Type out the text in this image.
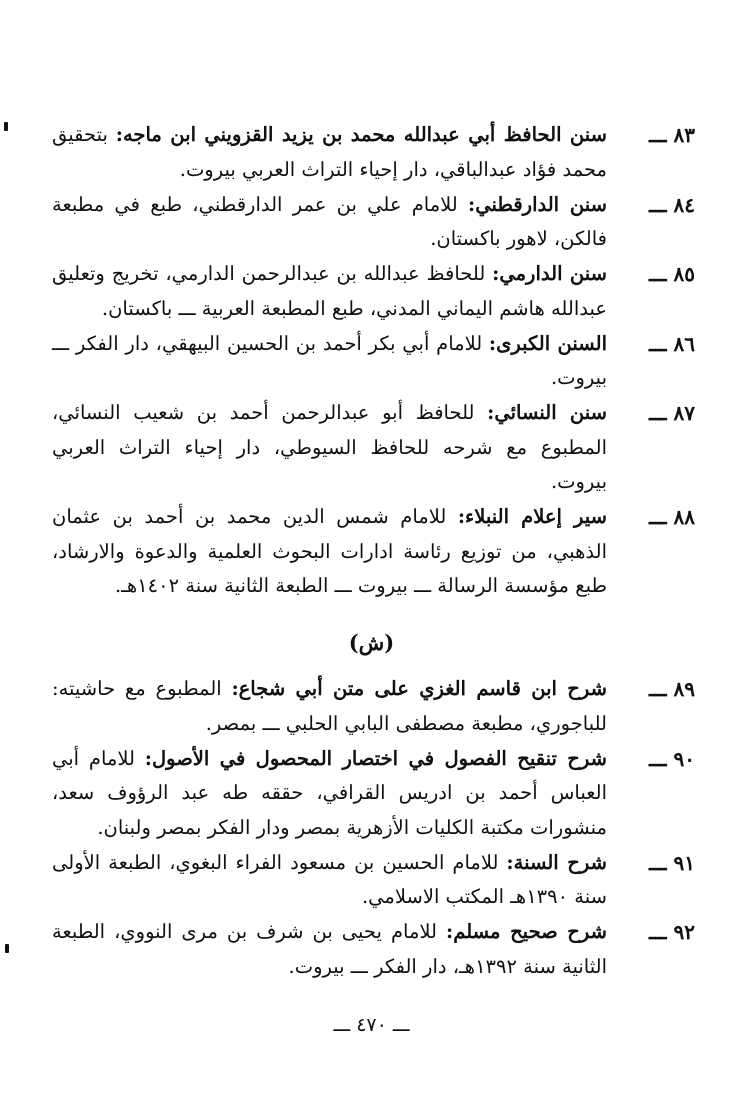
٨٣ ـــ
سنن الحافظ أبي عبدالله محمد بن يزيد القزويني ابن ماجه: بتحقيق محمد فؤاد عبدالباقي، دار إحياء التراث العربي بيروت.
٨٤ ـــ
سنن الدارقطني: للامام علي بن عمر الدارقطني، طبع في مطبعة فالكن، لاهور باكستان.
٨٥ ـــ
سنن الدارمي: للحافظ عبدالله بن عبدالرحمن الدارمي، تخريج وتعليق عبدالله هاشم اليماني المدني، طبع المطبعة العربية ـــ باكستان.
٨٦ ـــ
السنن الكبرى: للامام أبي بكر أحمد بن الحسين البيهقي، دار الفكر ـــ بيروت.
٨٧ ـــ
سنن النسائي: للحافظ أبو عبدالرحمن أحمد بن شعيب النسائي، المطبوع مع شرحه للحافظ السيوطي، دار إحياء التراث العربي بيروت.
٨٨ ـــ
سير إعلام النبلاء: للامام شمس الدين محمد بن أحمد بن عثمان الذهبي، من توزيع رئاسة ادارات البحوث العلمية والدعوة والارشاد، طبع مؤسسة الرسالة ـــ بيروت ـــ الطبعة الثانية سنة ١٤٠٢هـ.
(ش)
٨٩ ـــ
شرح ابن قاسم الغزي على متن أبي شجاع: المطبوع مع حاشيته: للباجوري، مطبعة مصطفى البابي الحلبي ـــ بمصر.
٩٠ ـــ
شرح تنقيح الفصول في اختصار المحصول في الأصول: للامام أبي العباس أحمد بن ادريس القرافي، حققه طه عبد الرؤوف سعد، منشورات مكتبة الكليات الأزهرية بمصر ودار الفكر بمصر ولبنان.
٩١ ـــ
شرح السنة: للامام الحسين بن مسعود الفراء البغوي، الطبعة الأولى سنة ١٣٩٠هـ المكتب الاسلامي.
٩٢ ـــ
شرح صحيح مسلم: للامام يحيى بن شرف بن مرى النووي، الطبعة الثانية سنة ١٣٩٢هـ، دار الفكر ـــ بيروت.
ـــ ٤٧٠ ـــ
